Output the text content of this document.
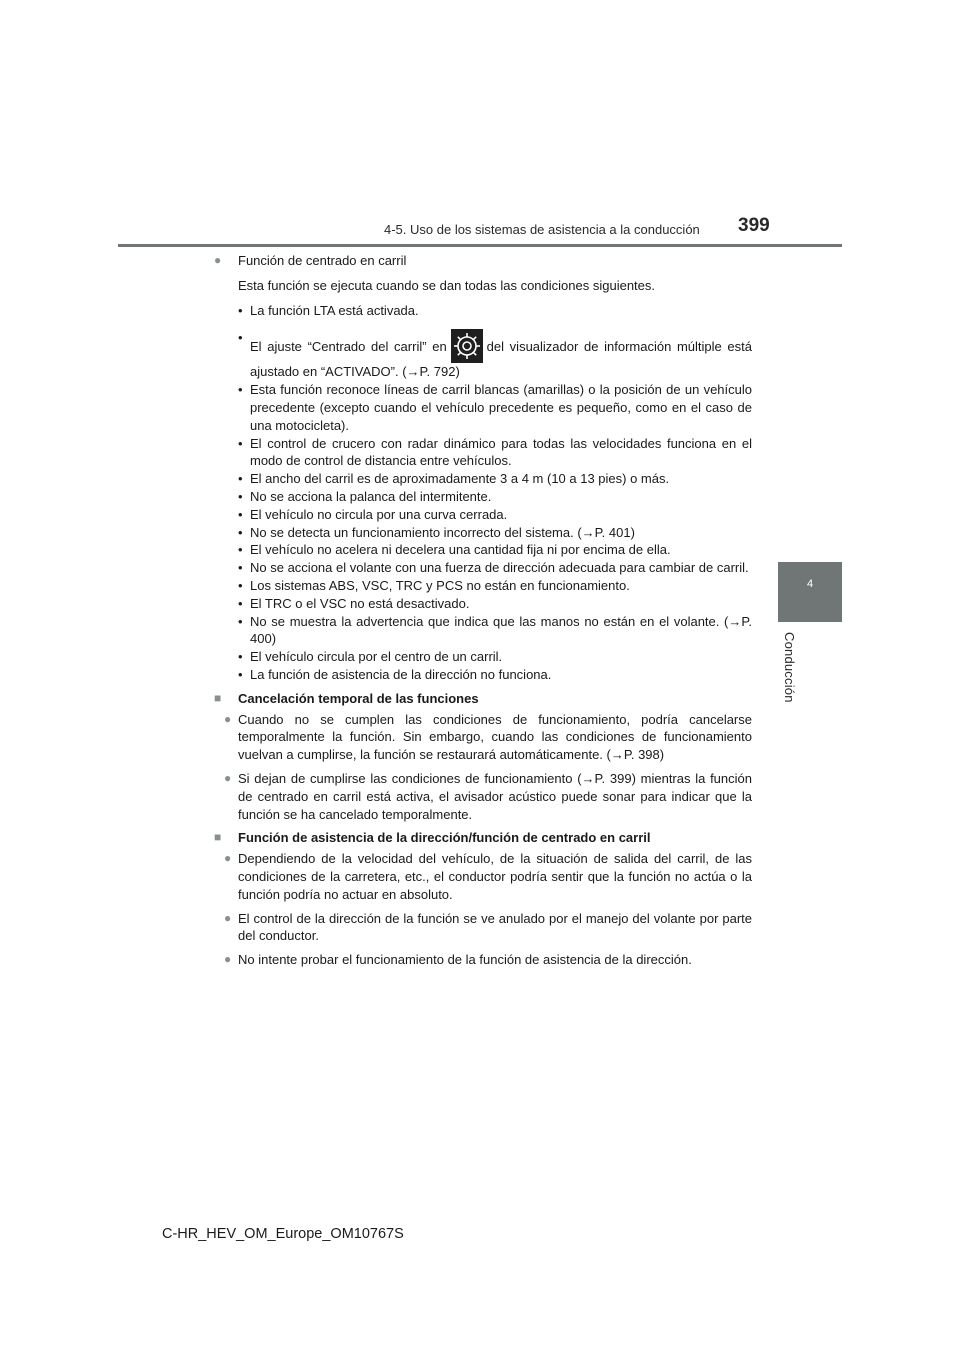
4-5. Uso de los sistemas de asistencia a la conducción 399
4
Conducción
● Función de centrado en carril
Esta función se ejecuta cuando se dan todas las condiciones siguientes.
• La función LTA está activada.
•
El ajuste “Centrado del carril” en	del visualizador de información múltiple está ajustado en “ACTIVADO”. (→P. 792)
• Esta función reconoce líneas de carril blancas (amarillas) o la posición de un vehículo precedente (excepto cuando el vehículo precedente es pequeño, como en el caso de una motocicleta).
• El control de crucero con radar dinámico para todas las velocidades funciona en el modo de control de distancia entre vehículos.
• El ancho del carril es de aproximadamente 3 a 4 m (10 a 13 pies) o más.
• No se acciona la palanca del intermitente.
• El vehículo no circula por una curva cerrada.
• No se detecta un funcionamiento incorrecto del sistema. (→P. 401)
• El vehículo no acelera ni decelera una cantidad fija ni por encima de ella.
• No se acciona el volante con una fuerza de dirección adecuada para cambiar de carril.
• Los sistemas ABS, VSC, TRC y PCS no están en funcionamiento.
• El TRC o el VSC no está desactivado.
• No se muestra la advertencia que indica que las manos no están en el volante. (→P. 400)
• El vehículo circula por el centro de un carril.
• La función de asistencia de la dirección no funciona.
■ Cancelación temporal de las funciones
● Cuando no se cumplen las condiciones de funcionamiento, podría cancelarse temporalmente la función. Sin embargo, cuando las condiciones de funcionamiento vuelvan a cumplirse, la función se restaurará automáticamente. (→P. 398)
● Si dejan de cumplirse las condiciones de funcionamiento (→P. 399) mientras la función de centrado en carril está activa, el avisador acústico puede sonar para indicar que la función se ha cancelado temporalmente.
■ Función de asistencia de la dirección/función de centrado en carril
● Dependiendo de la velocidad del vehículo, de la situación de salida del carril, de las condiciones de la carretera, etc., el conductor podría sentir que la función no actúa o la función podría no actuar en absoluto.
● El control de la dirección de la función se ve anulado por el manejo del volante por parte del conductor.
● No intente probar el funcionamiento de la función de asistencia de la dirección.
C-HR_HEV_OM_Europe_OM10767S
